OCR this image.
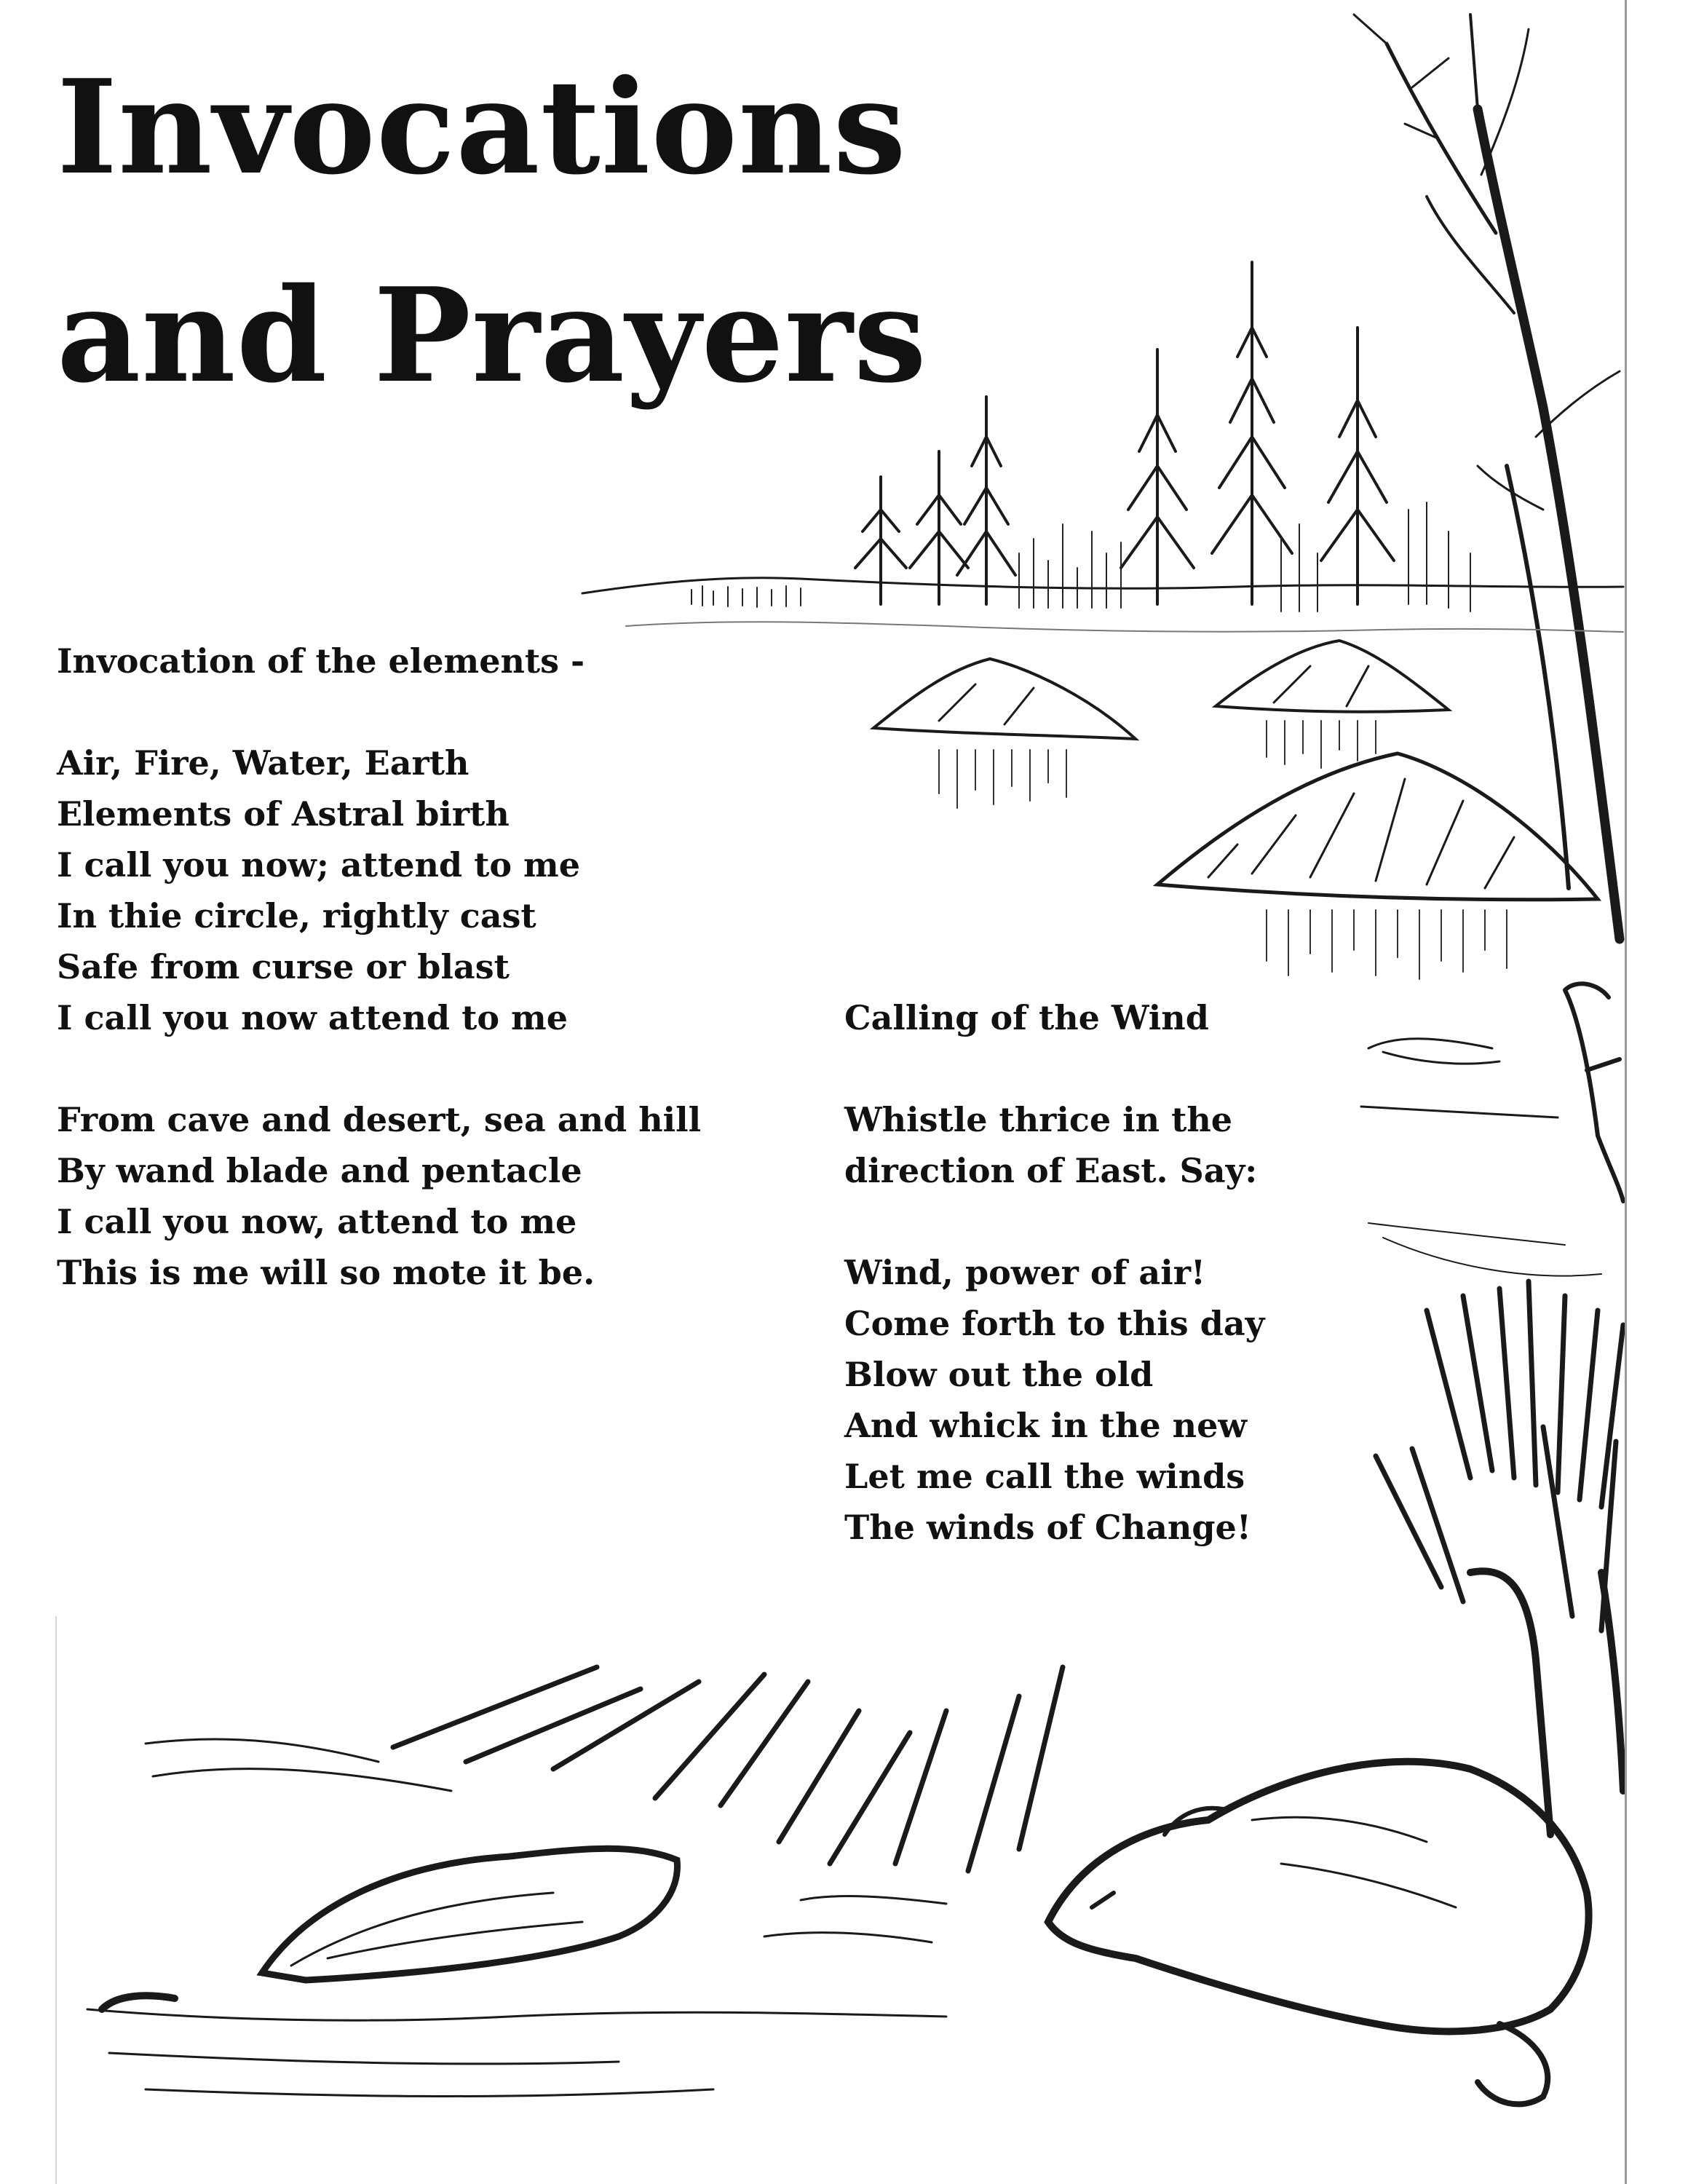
Invocations
and Prayers
Invocation of the elements -
Air, Fire, Water, Earth
Elements of Astral birth
I call you now; attend to me
In thie circle, rightly cast
Safe from curse or blast
I call you now attend to me
From cave and desert, sea and hill
By wand blade and pentacle
I call you now, attend to me
This is me will so mote it be.
Calling of the Wind
Whistle thrice in the
direction of East. Say:
Wind, power of air!
Come forth to this day
Blow out the old
And whick in the new
Let me call the winds
The winds of Change!
